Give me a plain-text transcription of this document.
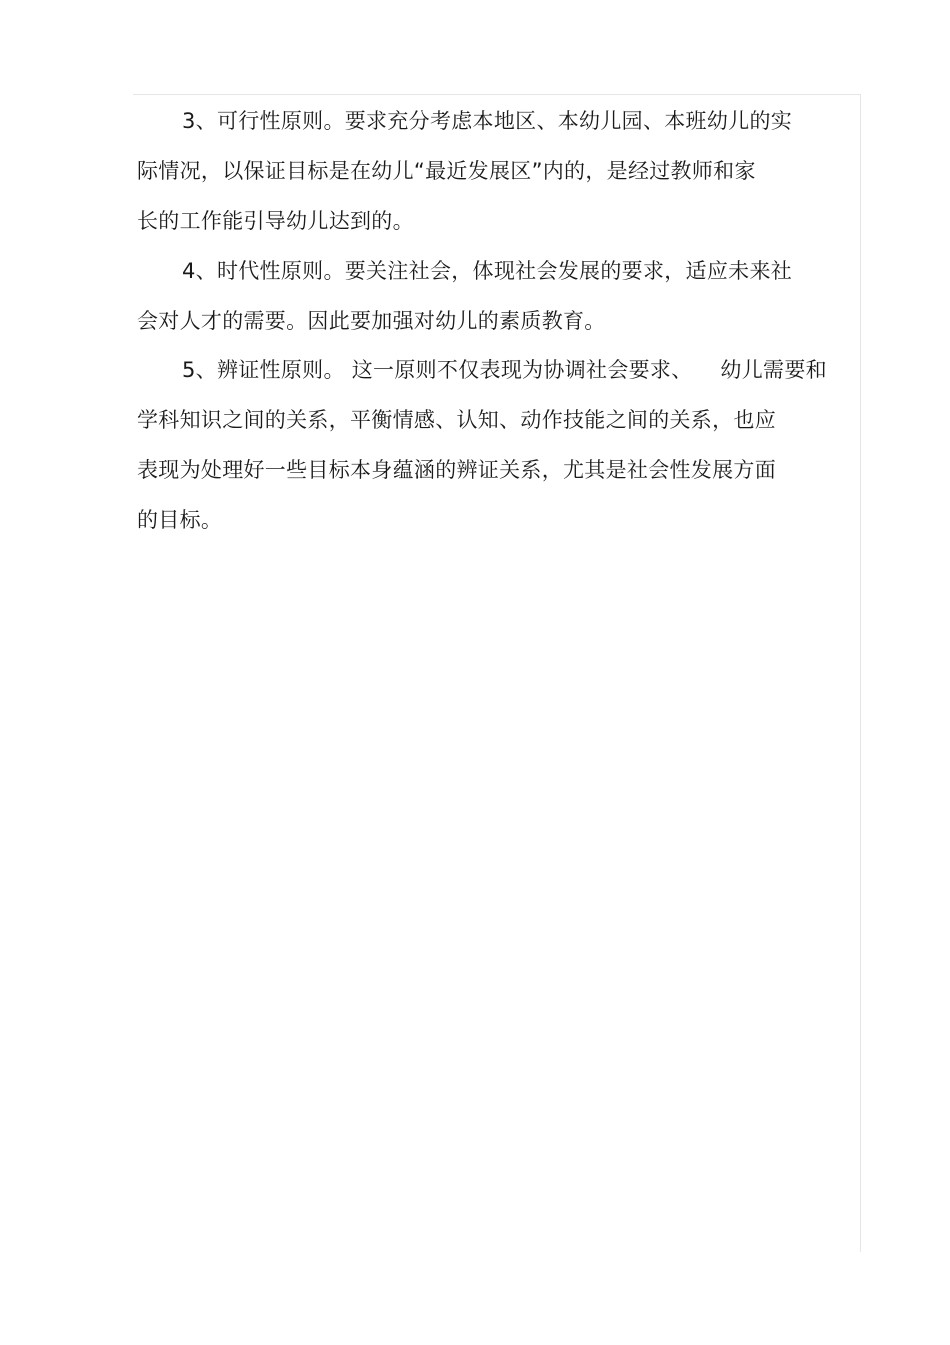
3、可行性原则。要求充分考虑本地区、本幼儿园、本班幼儿的实
际情况，以保证目标是在幼儿“最近发展区”内的，是经过教师和家
长的工作能引导幼儿达到的。
4、时代性原则。要关注社会，体现社会发展的要求，适应未来社
会对人才的需要。因此要加强对幼儿的素质教育。
5、辨证性原则。 这一原则不仅表现为协调社会要求、    幼儿需要和
学科知识之间的关系，平衡情感、认知、动作技能之间的关系，也应
表现为处理好一些目标本身蕴涵的辨证关系，尤其是社会性发展方面
的目标。
